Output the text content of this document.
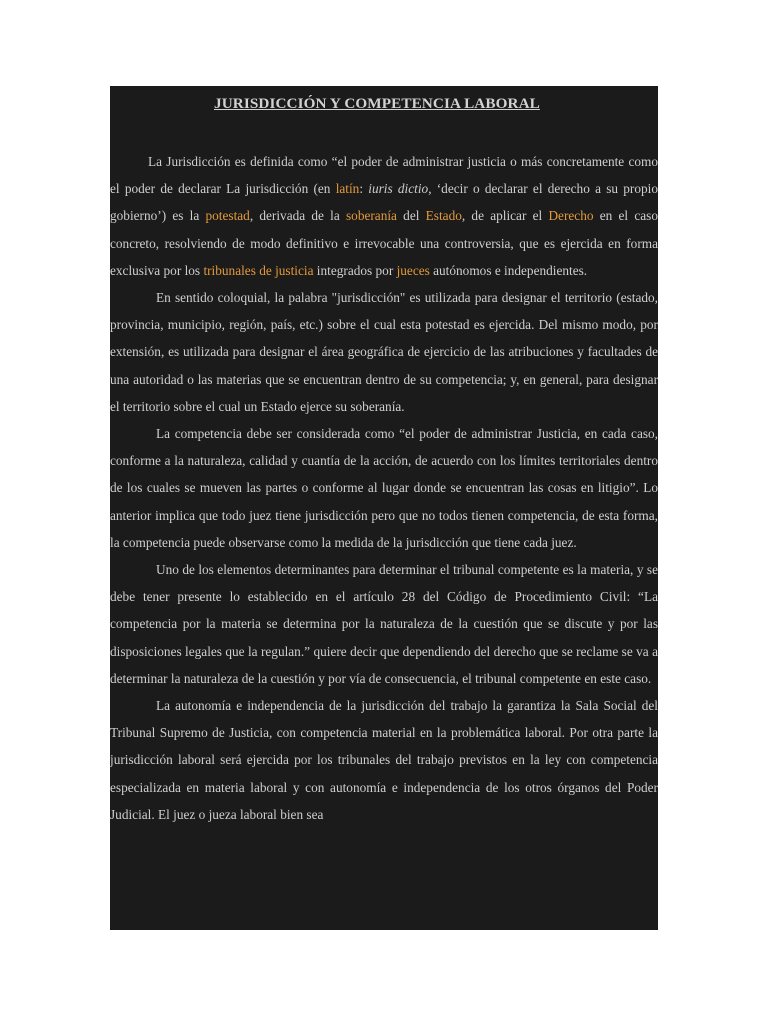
JURISDICCIÓN Y COMPETENCIA LABORAL

La Jurisdicción es definida como “el poder de administrar justicia o más concretamente como el poder de declarar La jurisdicción (en latín: iuris dictio, ‘decir o declarar el derecho a su propio gobierno’) es la potestad, derivada de la soberanía del Estado, de aplicar el Derecho en el caso concreto, resolviendo de modo definitivo e irrevocable una controversia, que es ejercida en forma exclusiva por los tribunales de justicia integrados por jueces autónomos e independientes.

En sentido coloquial, la palabra "jurisdicción" es utilizada para designar el territorio (estado, provincia, municipio, región, país, etc.) sobre el cual esta potestad es ejercida. Del mismo modo, por extensión, es utilizada para designar el área geográfica de ejercicio de las atribuciones y facultades de una autoridad o las materias que se encuentran dentro de su competencia; y, en general, para designar el territorio sobre el cual un Estado ejerce su soberanía.

La competencia debe ser considerada como “el poder de administrar Justicia, en cada caso, conforme a la naturaleza, calidad y cuantía de la acción, de acuerdo con los límites territoriales dentro de los cuales se mueven las partes o conforme al lugar donde se encuentran las cosas en litigio”. Lo anterior implica que todo juez tiene jurisdicción pero que no todos tienen competencia, de esta forma, la competencia puede observarse como la medida de la jurisdicción que tiene cada juez.

Uno de los elementos determinantes para determinar el tribunal competente es la materia, y se debe tener presente lo establecido en el artículo 28 del Código de Procedimiento Civil: “La competencia por la materia se determina por la naturaleza de la cuestión que se discute y por las disposiciones legales que la regulan.” quiere decir que dependiendo del derecho que se reclame se va a determinar la naturaleza de la cuestión y por vía de consecuencia, el tribunal competente en este caso.

La autonomía e independencia de la jurisdicción del trabajo la garantiza la Sala Social del Tribunal Supremo de Justicia, con competencia material en la problemática laboral. Por otra parte la jurisdicción laboral será ejercida por los tribunales del trabajo previstos en la ley con competencia especializada en materia laboral y con autonomía e independencia de los otros órganos del Poder Judicial. El juez o jueza laboral bien sea
